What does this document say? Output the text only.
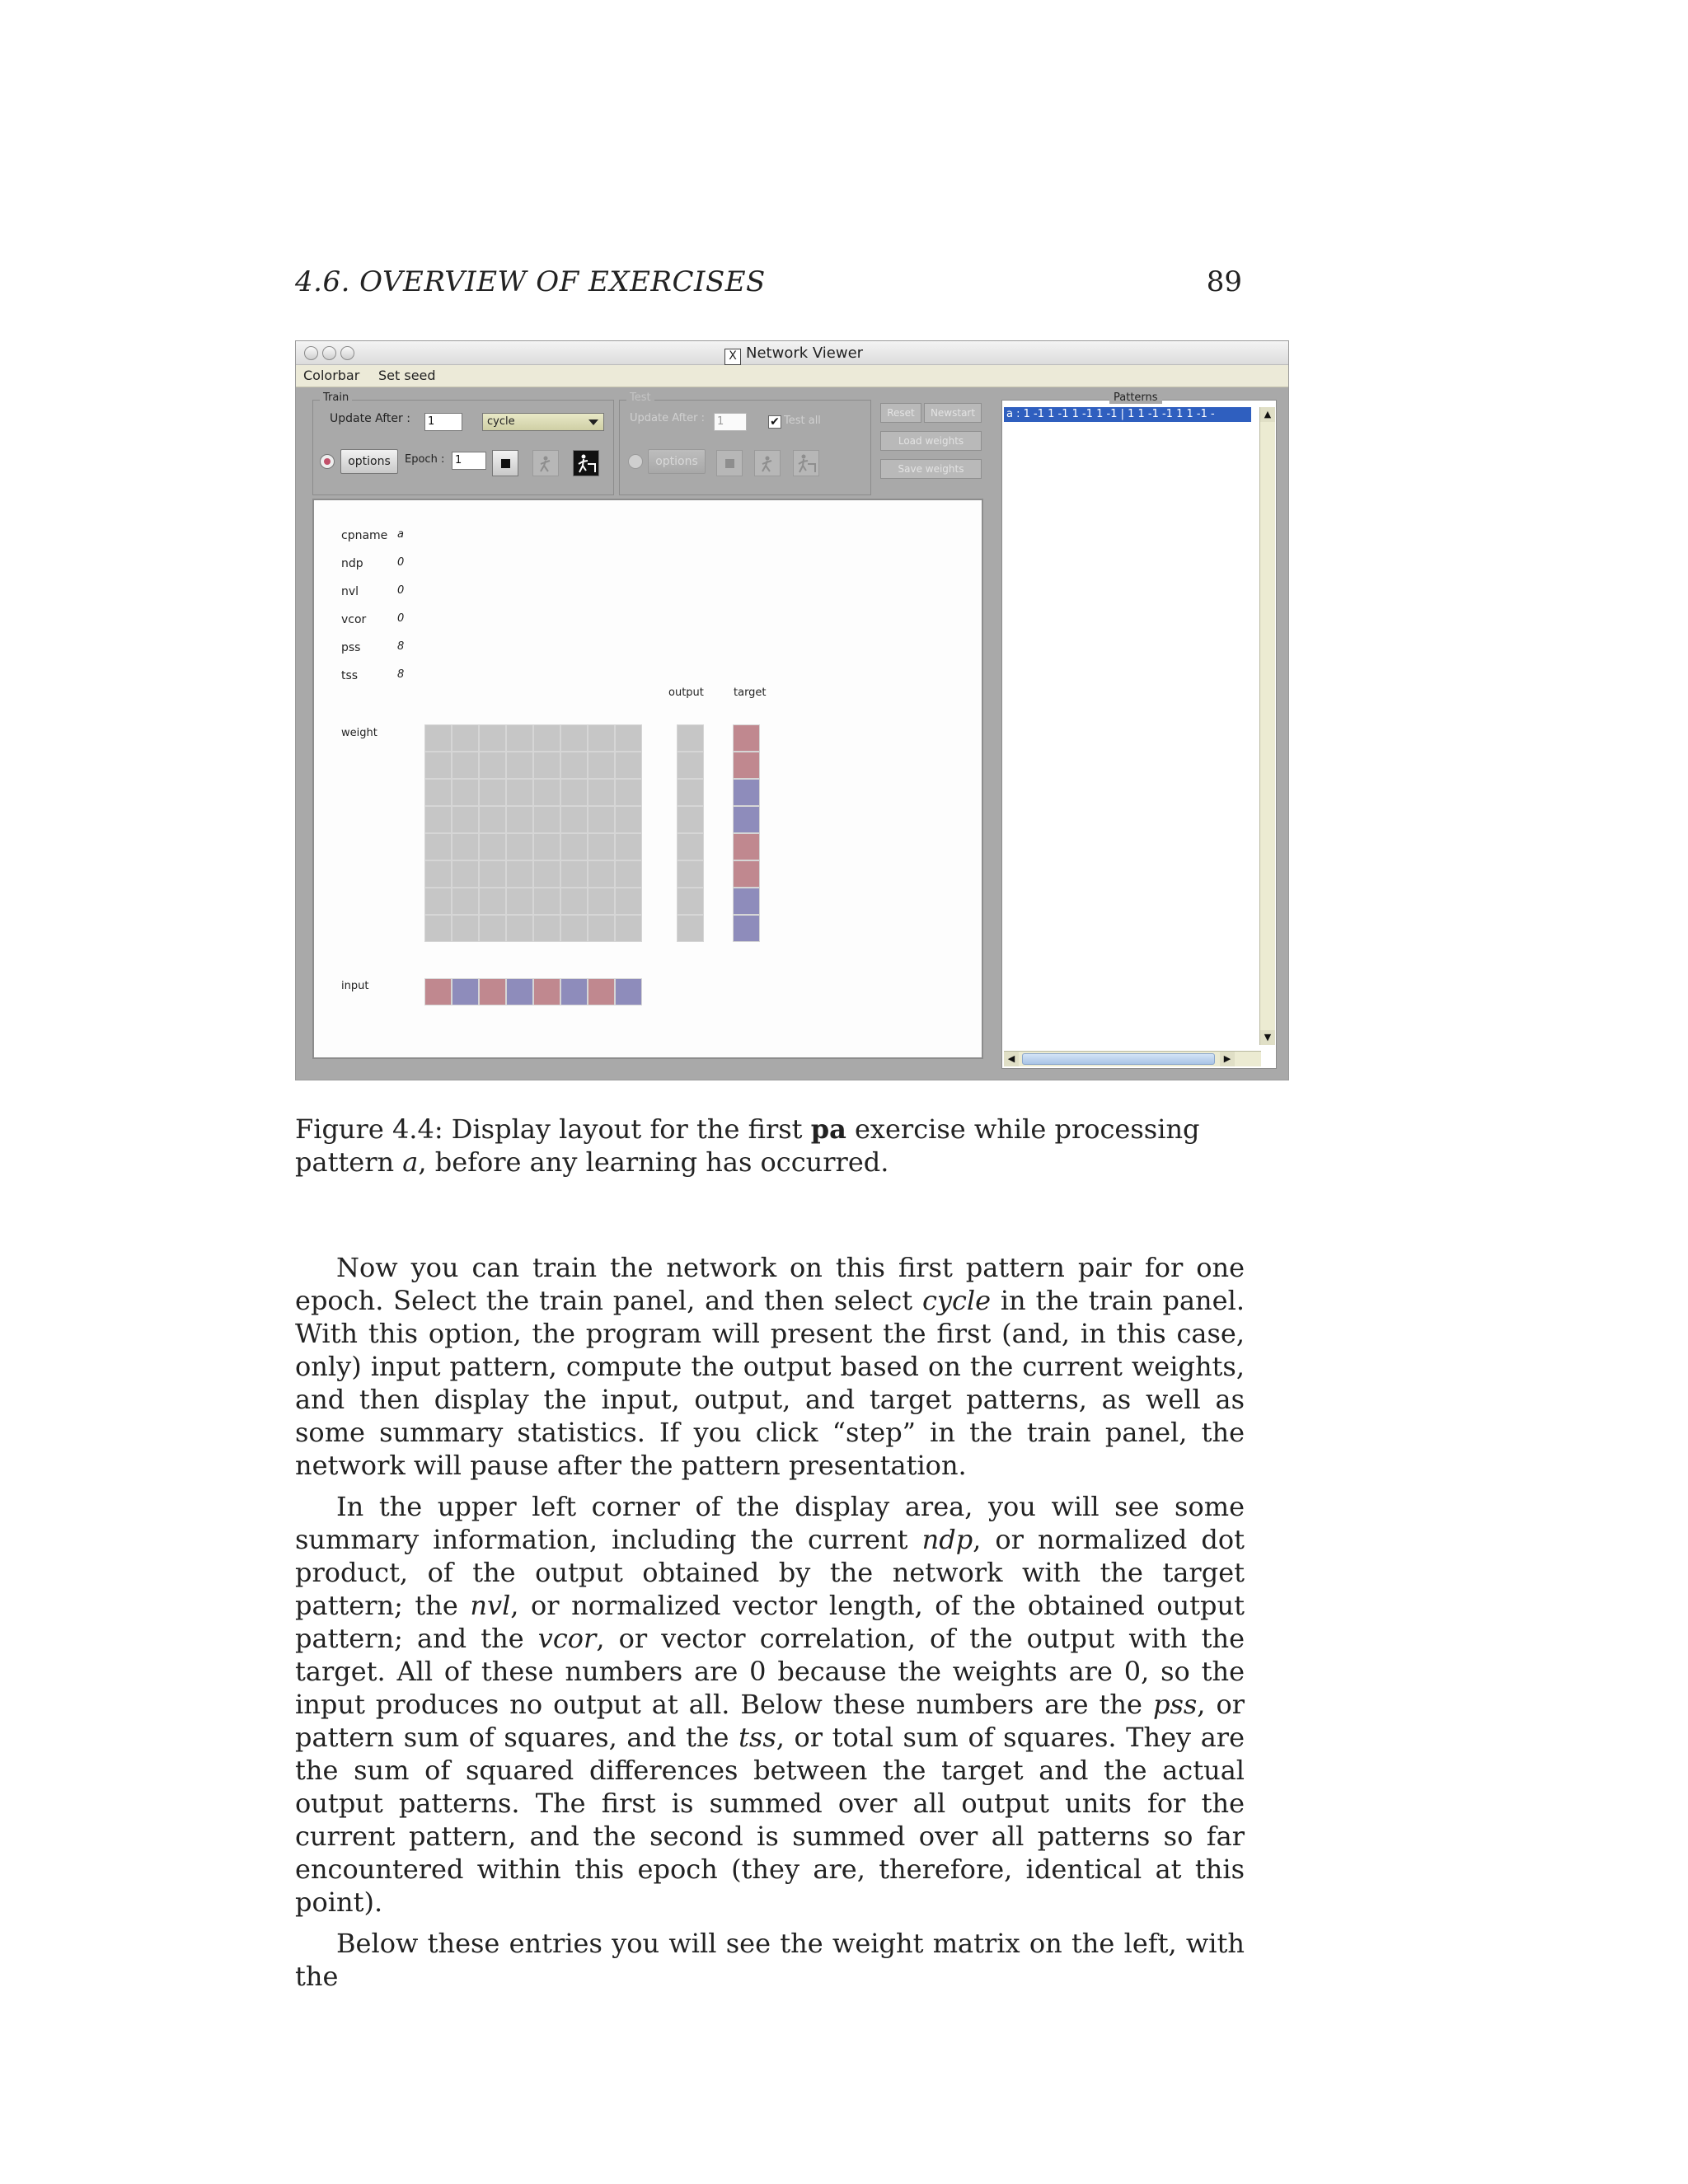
4.6. OVERVIEW OF EXERCISES	89
X Network Viewer
Colorbar Set seed
Train
Update After :	1	cycle
options	Epoch : 1
Test
Update After :	1	✔ Test all
options
Reset	Newstart
Load weights
Save weights
cpname a
ndp	0
nvl	0
vcor	0
pss	8
tss	8
output	target
weight
input
Patterns
a : 1 -1 1 -1 1 -1 1 -1 | 1 1 -1 -1 1 1 -1 -	▲
▼
◀	▶
Figure 4.4: Display layout for the first pa exercise while processing pattern a, before any learning has occurred.

Now you can train the network on this first pattern pair for one epoch. Select the train panel, and then select cycle in the train panel. With this option, the program will present the first (and, in this case, only) input pattern, compute the output based on the current weights, and then display the input, output, and target patterns, as well as some summary statistics. If you click “step” in the train panel, the network will pause after the pattern presentation.

In the upper left corner of the display area, you will see some summary information, including the current ndp, or normalized dot product, of the output obtained by the network with the target pattern; the nvl, or normalized vector length, of the obtained output pattern; and the vcor, or vector correlation, of the output with the target. All of these numbers are 0 because the weights are 0, so the input produces no output at all. Below these numbers are the pss, or pattern sum of squares, and the tss, or total sum of squares. They are the sum of squared differences between the target and the actual output patterns. The first is summed over all output units for the current pattern, and the second is summed over all patterns so far encountered within this epoch (they are, therefore, identical at this point).

Below these entries you will see the weight matrix on the left, with the
